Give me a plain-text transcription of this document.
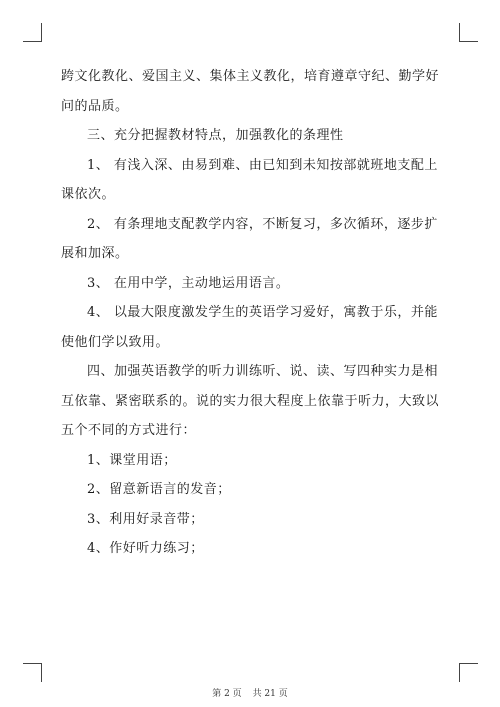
跨文化教化、爱国主义、集体主义教化，培育遵章守纪、勤学好问的品质。

三、充分把握教材特点，加强教化的条理性

1、 有浅入深、由易到难、由已知到未知按部就班地支配上课依次。

2、 有条理地支配教学内容，不断复习，多次循环，逐步扩展和加深。

3、 在用中学，主动地运用语言。

4、 以最大限度激发学生的英语学习爱好，寓教于乐，并能使他们学以致用。

四、加强英语教学的听力训练听、说、读、写四种实力是相互依靠、紧密联系的。说的实力很大程度上依靠于听力，大致以五个不同的方式进行：

1、课堂用语；

2、留意新语言的发音；

3、利用好录音带；

4、作好听力练习；

第 2 页 共 21 页
